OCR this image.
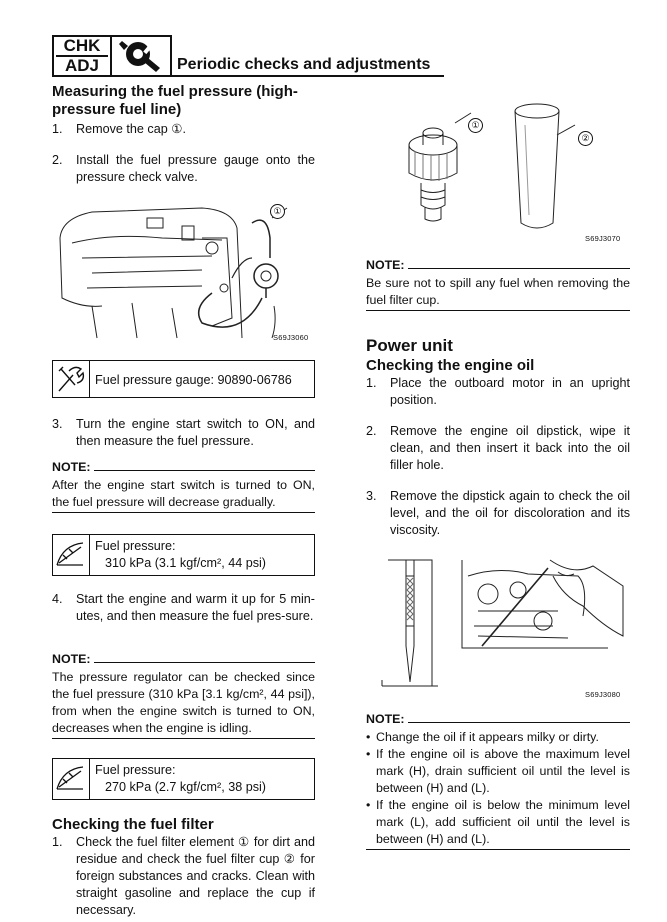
CHK
ADJ	Periodic checks and adjustments
Measuring the fuel pressure (high-
pressure fuel line)
1. Remove the cap ①.
2. Install the fuel pressure gauge onto the pressure check valve.
①
S69J3060
Fuel pressure gauge: 90890-06786
3. Turn the engine start switch to ON, and then measure the fuel pressure.
NOTE:
After the engine start switch is turned to ON, the fuel pressure will decrease gradually.
Fuel pressure:
310 kPa (3.1 kgf/cm², 44 psi)
4. Start the engine and warm it up for 5 min-utes, and then measure the fuel pres-sure.
NOTE:
The pressure regulator can be checked since the fuel pressure (310 kPa [3.1 kg/cm², 44 psi]), from when the engine switch is turned to ON, decreases when the engine is idling.
Fuel pressure:
270 kPa (2.7 kgf/cm², 38 psi)
Checking the fuel filter
1. Check the fuel filter element ① for dirt and residue and check the fuel filter cup ② for foreign substances and cracks. Clean with straight gasoline and replace the cup if necessary.
①
②
S69J3070
NOTE:
Be sure not to spill any fuel when removing the fuel filter cup.
Power unit
Checking the engine oil
1. Place the outboard motor in an upright position.
2. Remove the engine oil dipstick, wipe it clean, and then insert it back into the oil filler hole.
3. Remove the dipstick again to check the oil level, and the oil for discoloration and its viscosity.
S69J3080
NOTE:
• Change the oil if it appears milky or dirty.
• If the engine oil is above the maximum level mark (H), drain sufficient oil until the level is between (H) and (L).
• If the engine oil is below the minimum level mark (L), add sufficient oil until the level is between (H) and (L).
